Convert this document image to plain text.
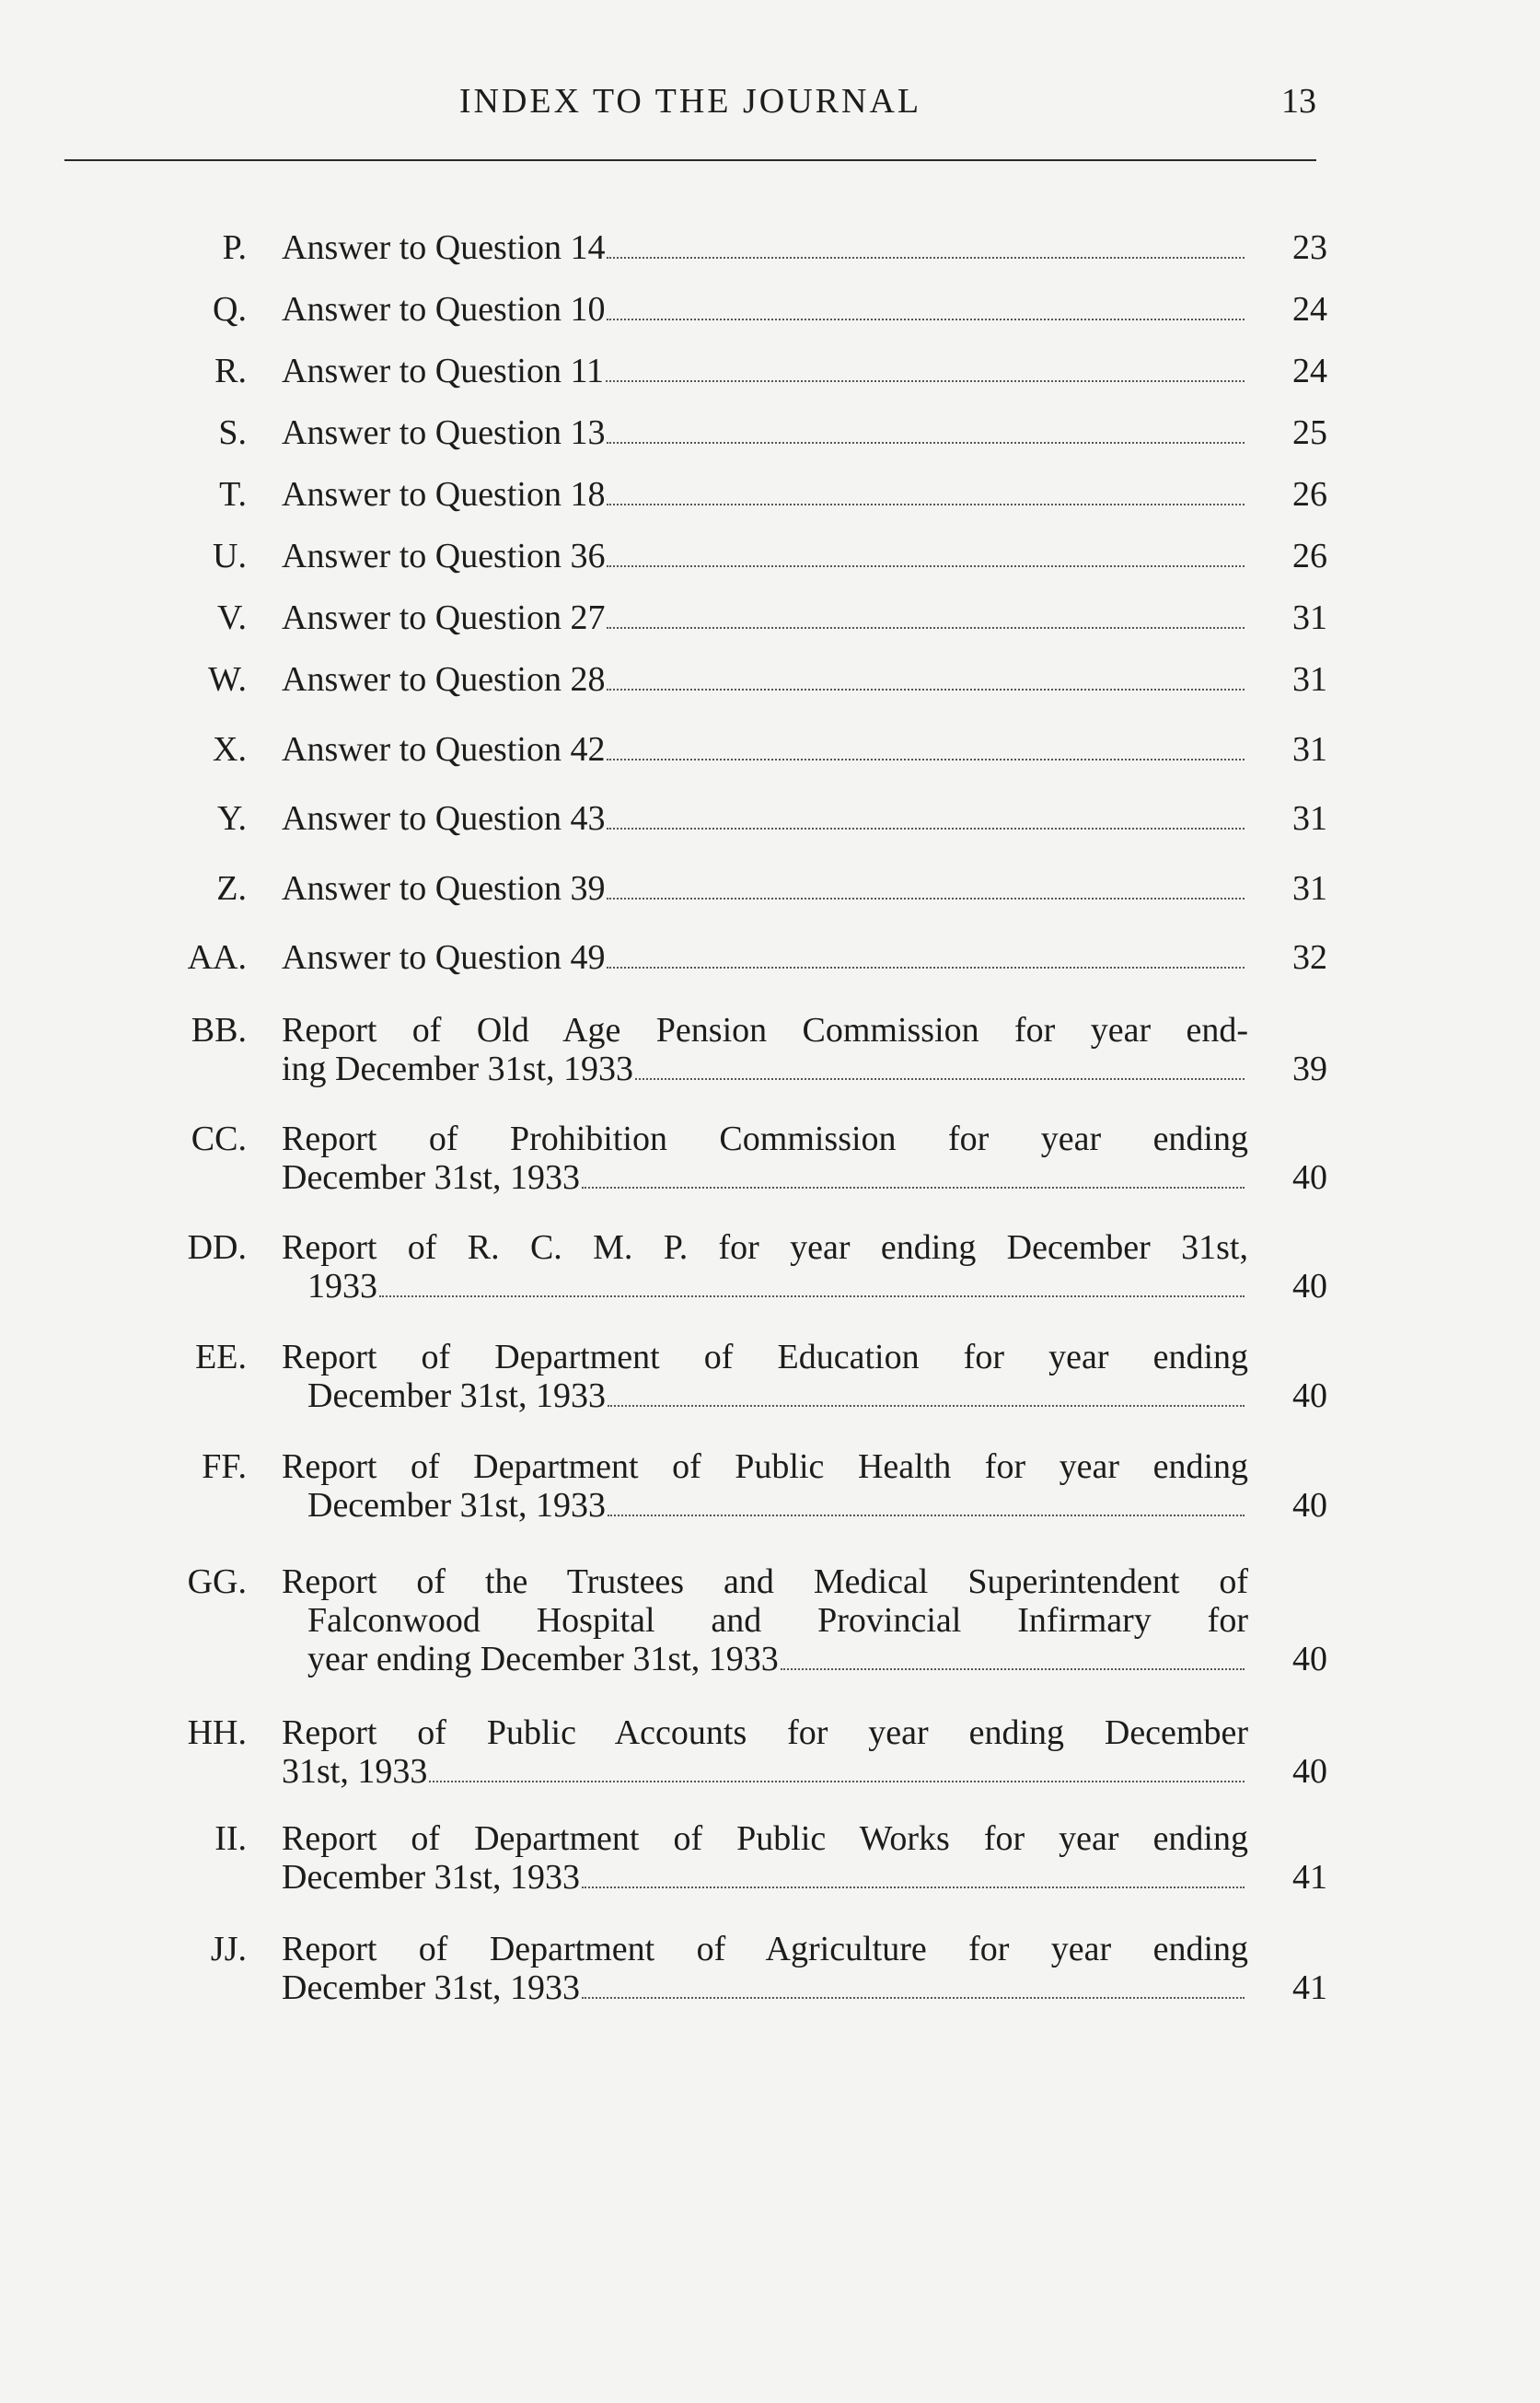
INDEX TO THE JOURNAL	13
P. Answer to Question 14	23
Q. Answer to Question 10	24
R. Answer to Question 11	24
S. Answer to Question 13	25
T. Answer to Question 18	26
U. Answer to Question 36	26
V. Answer to Question 27	31
W. Answer to Question 28	31
X. Answer to Question 42	31
Y. Answer to Question 43	31
Z. Answer to Question 39	31
AA. Answer to Question 49	32
BB. Report of Old Age Pension Commission for year end-
ing December 31st, 1933	39
CC. Report of Prohibition Commission for year ending
December 31st, 1933	40
DD. Report of R. C. M. P. for year ending December 31st,
1933	40
EE. Report of Department of Education for year ending
December 31st, 1933	40
FF. Report of Department of Public Health for year ending
December 31st, 1933	40
GG. Report of the Trustees and Medical Superintendent of
Falconwood Hospital and Provincial Infirmary for
year ending December 31st, 1933	40
HH. Report of Public Accounts for year ending December
31st, 1933	40
II. Report of Department of Public Works for year ending
December 31st, 1933	41
JJ. Report of Department of Agriculture for year ending
December 31st, 1933	41
